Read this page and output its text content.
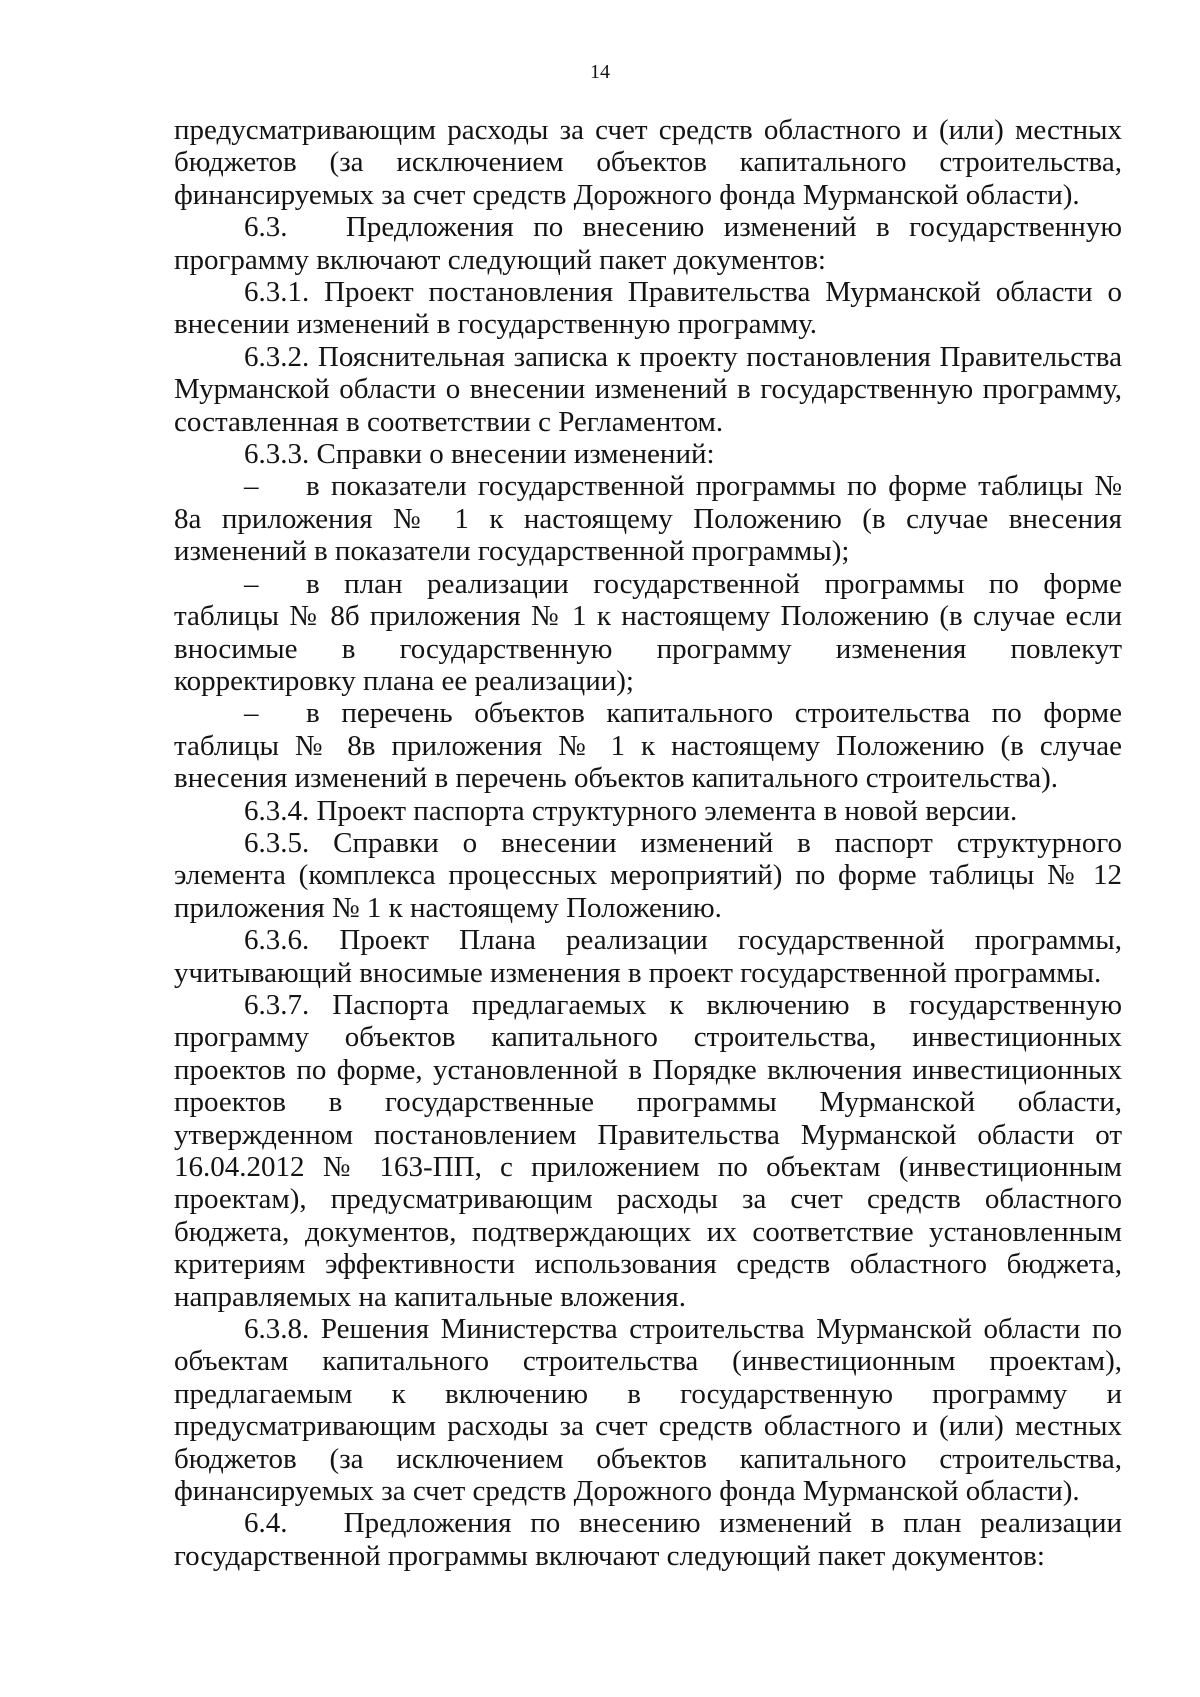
14

предусматривающим расходы за счет средств областного и (или) местных бюджетов (за исключением объектов капитального строительства, финансируемых за счет средств Дорожного фонда Мурманской области).

6.3.   Предложения по внесению изменений в государственную программу включают следующий пакет документов:

6.3.1. Проект постановления Правительства Мурманской области о внесении изменений в государственную программу.

6.3.2. Пояснительная записка к проекту постановления Правительства Мурманской области о внесении изменений в государственную программу, составленная в соответствии с Регламентом.

6.3.3. Справки о внесении изменений:

– в показатели государственной программы по форме таблицы № 8а приложения № 1 к настоящему Положению (в случае внесения изменений в показатели государственной программы);

– в план реализации государственной программы по форме таблицы № 8б приложения № 1 к настоящему Положению (в случае если вносимые в государственную программу изменения повлекут корректировку плана ее реализации);

– в перечень объектов капитального строительства по форме таблицы № 8в приложения № 1 к настоящему Положению (в случае внесения изменений в перечень объектов капитального строительства).

6.3.4. Проект паспорта структурного элемента в новой версии.

6.3.5. Справки о внесении изменений в паспорт структурного элемента (комплекса процессных мероприятий) по форме таблицы № 12 приложения № 1 к настоящему Положению.

6.3.6. Проект Плана реализации государственной программы, учитывающий вносимые изменения в проект государственной программы.

6.3.7. Паспорта предлагаемых к включению в государственную программу объектов капитального строительства, инвестиционных проектов по форме, установленной в Порядке включения инвестиционных проектов в государственные программы Мурманской области, утвержденном постановлением Правительства Мурманской области от 16.04.2012 № 163-ПП, с приложением по объектам (инвестиционным проектам), предусматривающим расходы за счет средств областного бюджета, документов, подтверждающих их соответствие установленным критериям эффективности использования средств областного бюджета, направляемых на капитальные вложения.

6.3.8. Решения Министерства строительства Мурманской области по объектам капитального строительства (инвестиционным проектам), предлагаемым к включению в государственную программу и предусматривающим расходы за счет средств областного и (или) местных бюджетов (за исключением объектов капитального строительства, финансируемых за счет средств Дорожного фонда Мурманской области).

6.4.   Предложения по внесению изменений в план реализации государственной программы включают следующий пакет документов:
